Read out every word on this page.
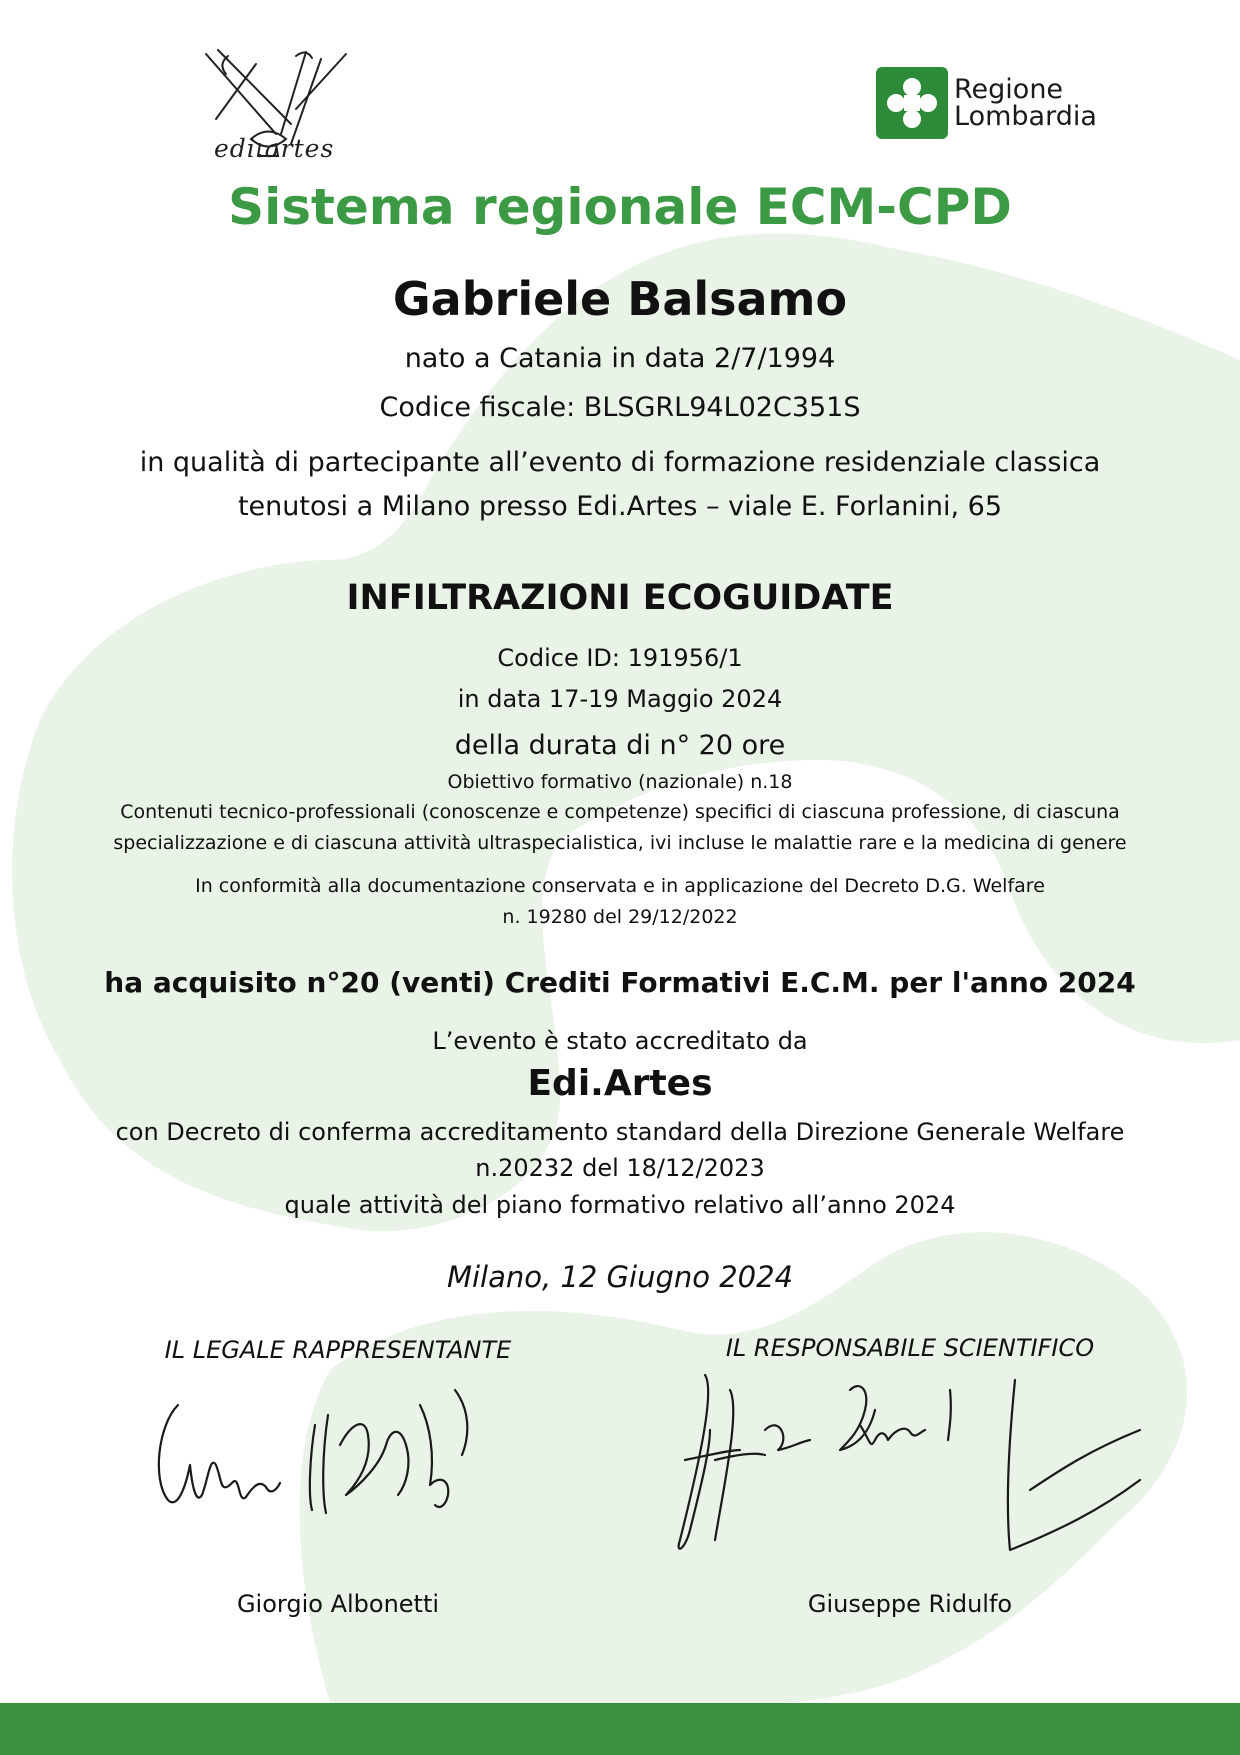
edi.artes
Regione
Lombardia
Sistema regionale ECM-CPD
Gabriele Balsamo
nato a Catania in data 2/7/1994
Codice fiscale: BLSGRL94L02C351S
in qualità di partecipante all’evento di formazione residenziale classica
tenutosi a Milano presso Edi.Artes – viale E. Forlanini, 65
INFILTRAZIONI ECOGUIDATE
Codice ID: 191956/1
in data 17-19 Maggio 2024
della durata di n° 20 ore
Obiettivo formativo (nazionale) n.18
Contenuti tecnico-professionali (conoscenze e competenze) specifici di ciascuna professione, di ciascuna
specializzazione e di ciascuna attività ultraspecialistica, ivi incluse le malattie rare e la medicina di genere
In conformità alla documentazione conservata e in applicazione del Decreto D.G. Welfare
n. 19280 del 29/12/2022
ha acquisito n°20 (venti) Crediti Formativi E.C.M. per l'anno 2024
L’evento è stato accreditato da
Edi.Artes
con Decreto di conferma accreditamento standard della Direzione Generale Welfare
n.20232 del 18/12/2023
quale attività del piano formativo relativo all’anno 2024
Milano, 12 Giugno 2024
IL LEGALE RAPPRESENTANTE	IL RESPONSABILE SCIENTIFICO
Giorgio Albonetti	Giuseppe Ridulfo
